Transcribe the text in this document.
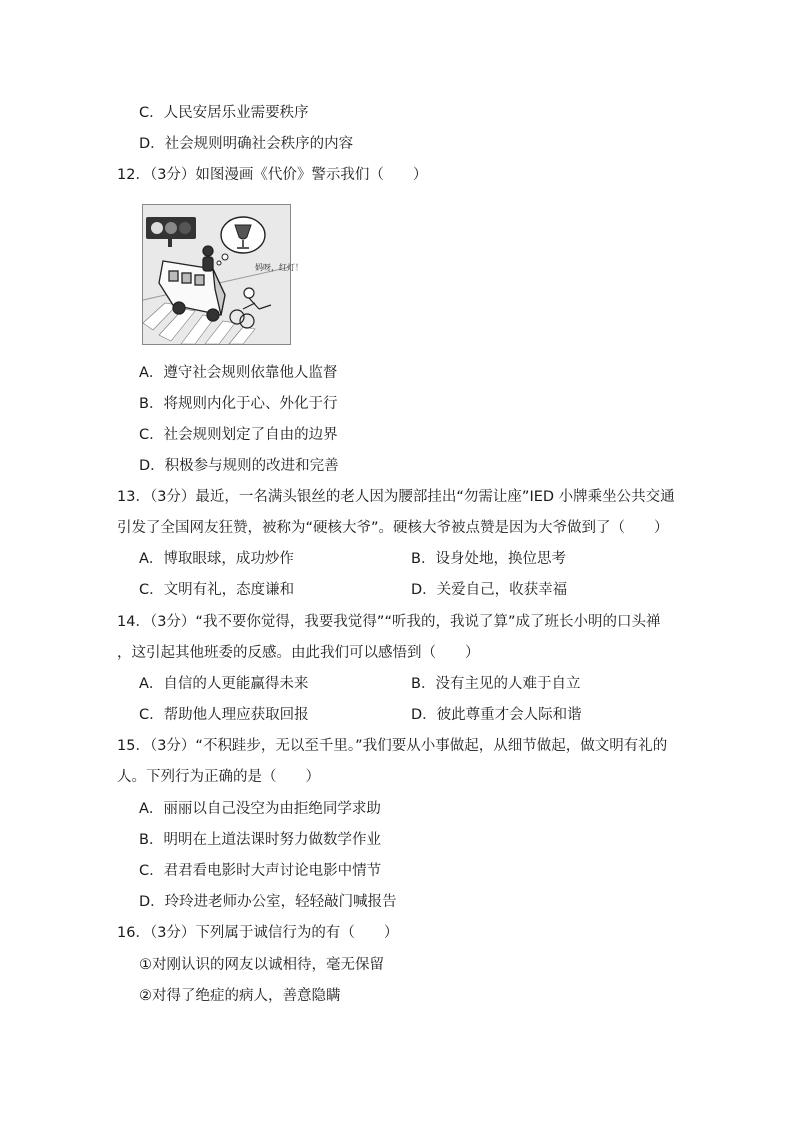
C．人民安居乐业需要秩序
D．社会规则明确社会秩序的内容
12．（3分）如图漫画《代价》警示我们（　　）
妈呀，红灯！
A．遵守社会规则依靠他人监督
B．将规则内化于心、外化于行
C．社会规则划定了自由的边界
D．积极参与规则的改进和完善
13．（3分）最近，一名满头银丝的老人因为腰部挂出“勿需让座”IED 小牌乘坐公共交通
引发了全国网友狂赞，被称为“硬核大爷”。硬核大爷被点赞是因为大爷做到了（　　）
A．博取眼球，成功炒作	B．设身处地，换位思考
C．文明有礼，态度谦和	D．关爱自己，收获幸福
14．（3分）“我不要你觉得，我要我觉得”“听我的，我说了算”成了班长小明的口头禅
，这引起其他班委的反感。由此我们可以感悟到（　　）
A．自信的人更能赢得未来	B．没有主见的人难于自立
C．帮助他人理应获取回报	D．彼此尊重才会人际和谐
15．（3分）“不积跬步，无以至千里。”我们要从小事做起，从细节做起，做文明有礼的
人。下列行为正确的是（　　）
A．丽丽以自己没空为由拒绝同学求助
B．明明在上道法课时努力做数学作业
C．君君看电影时大声讨论电影中情节
D．玲玲进老师办公室，轻轻敲门喊报告
16．（3分）下列属于诚信行为的有（　　）
①对刚认识的网友以诚相待，毫无保留
②对得了绝症的病人，善意隐瞒
